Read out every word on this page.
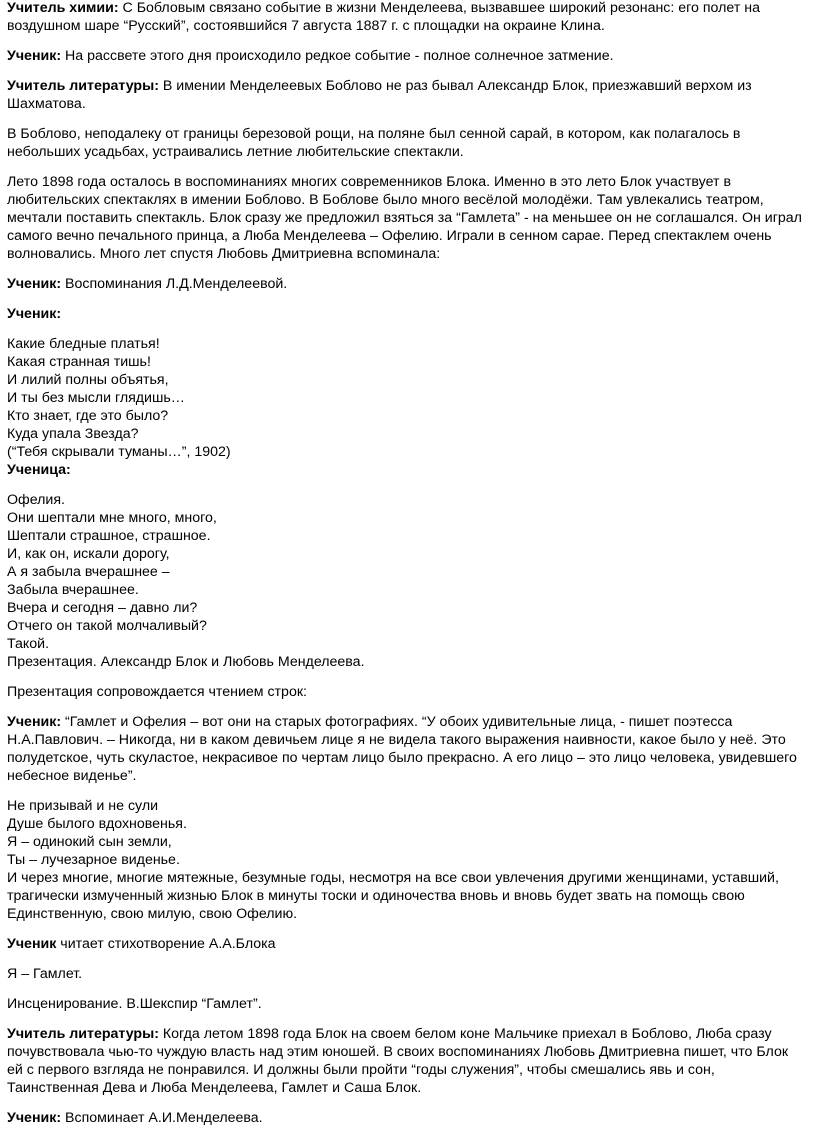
Учитель химии: С Бобловым связано событие в жизни Менделеева, вызвавшее широкий резонанс: его полет на воздушном шаре “Русский”, состоявшийся 7 августа 1887 г. с площадки на окраине Клина.

Ученик: На рассвете этого дня происходило редкое событие - полное солнечное затмение.

Учитель литературы: В имении Менделеевых Боблово не раз бывал Александр Блок, приезжавший верхом из Шахматова.

В Боблово, неподалеку от границы березовой рощи, на поляне был сенной сарай, в котором, как полагалось в небольших усадьбах, устраивались летние любительские спектакли.

Лето 1898 года осталось в воспоминаниях многих современников Блока. Именно в это лето Блок участвует в любительских спектаклях в имении Боблово. В Боблове было много весёлой молодёжи. Там увлекались театром, мечтали поставить спектакль. Блок сразу же предложил взяться за “Гамлета” - на меньшее он не соглашался. Он играл самого вечно печального принца, а Люба Менделеева – Офелию. Играли в сенном сарае. Перед спектаклем очень волновались. Много лет спустя Любовь Дмитриевна вспоминала:

Ученик: Воспоминания Л.Д.Менделеевой.

Ученик:

Какие бледные платья!
Какая странная тишь!
И лилий полны объятья,
И ты без мысли глядишь…
Кто знает, где это было?
Куда упала Звезда?
(“Тебя скрывали туманы…”, 1902)

Ученица:

Офелия.
Они шептали мне много, много,
Шептали страшное, страшное.
И, как он, искали дорогу,
А я забыла вчерашнее –
Забыла вчерашнее.
Вчера и сегодня – давно ли?
Отчего он такой молчаливый?
Такой.
Презентация. Александр Блок и Любовь Менделеева.

Презентация сопровождается чтением строк:

Ученик: “Гамлет и Офелия – вот они на старых фотографиях. “У обоих удивительные лица, - пишет поэтесса Н.А.Павлович. – Никогда, ни в каком девичьем лице я не видела такого выражения наивности, какое было у неё. Это полудетское, чуть скуластое, некрасивое по чертам лицо было прекрасно. А его лицо – это лицо человека, увидевшего небесное виденье”.

Не призывай и не сули
Душе былого вдохновенья.
Я – одинокий сын земли,
Ты – лучезарное виденье.
И через многие, многие мятежные, безумные годы, несмотря на все свои увлечения другими женщинами, уставший, трагически измученный жизнью Блок в минуты тоски и одиночества вновь и вновь будет звать на помощь свою Единственную, свою милую, свою Офелию.

Ученик читает стихотворение А.А.Блока

Я – Гамлет.

Инсценирование. В.Шекспир “Гамлет”.

Учитель литературы: Когда летом 1898 года Блок на своем белом коне Мальчике приехал в Боблово, Люба сразу почувствовала чью-то чуждую власть над этим юношей. В своих воспоминаниях Любовь Дмитриевна пишет, что Блок ей с первого взгляда не понравился. И должны были пройти “годы служения”, чтобы смешались явь и сон, Таинственная Дева и Люба Менделеева, Гамлет и Саша Блок.

Ученик: Вспоминает А.И.Менделеева.
